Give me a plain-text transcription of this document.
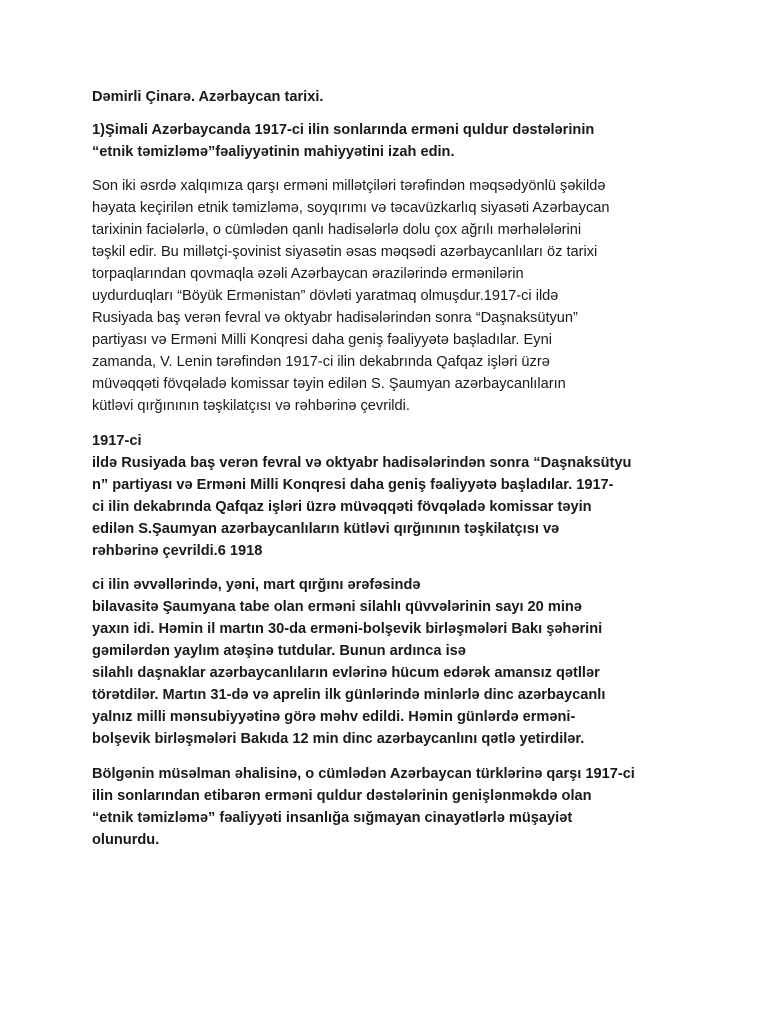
Dəmirli Çinarə. Azərbaycan tarixi.
1)Şimali Azərbaycanda 1917-ci ilin sonlarında erməni quldur dəstələrinin
“etnik təmizləmə”fəaliyyətinin mahiyyətini izah edin.
Son iki əsrdə xalqımıza qarşı erməni millətçiləri tərəfindən məqsədyönlü şəkildə
həyata keçirilən etnik təmizləmə, soyqırımı və təcavüzkarlıq siyasəti Azərbaycan
tarixinin faciələrlə, o cümlədən qanlı hadisələrlə dolu çox ağrılı mərhələlərini
təşkil edir. Bu millətçi-şovinist siyasətin əsas məqsədi azərbaycanlıları öz tarixi
torpaqlarından qovmaqla əzəli Azərbaycan ərazilərində ermənilərin
uydurduqları “Böyük Ermənistan” dövləti yaratmaq olmuşdur.1917-ci ildə
Rusiyada baş verən fevral və oktyabr hadisələrindən sonra “Daşnaksütyun”
partiyası və Erməni Milli Konqresi daha geniş fəaliyyətə başladılar. Eyni
zamanda, V. Lenin tərəfindən 1917-ci ilin dekabrında Qafqaz işləri üzrə
müvəqqəti fövqəladə komissar təyin edilən S. Şaumyan azərbaycanlıların
kütləvi qırğınının təşkilatçısı və rəhbərinə çevrildi.
1917-ci
ildə Rusiyada baş verən fevral və oktyabr hadisələrindən sonra “Daşnaksütyu
n” partiyası və Erməni Milli Konqresi daha geniş fəaliyyətə başladılar. 1917-
ci ilin dekabrında Qafqaz işləri üzrə müvəqqəti fövqəladə komissar təyin
edilən S.Şaumyan azərbaycanlıların kütləvi qırğınının təşkilatçısı və
rəhbərinə çevrildi.6 1918
ci ilin əvvəllərində, yəni, mart qırğını ərəfəsində
bilavasitə Şaumyana tabe olan erməni silahlı qüvvələrinin sayı 20 minə
yaxın idi. Həmin il martın 30-da erməni-bolşevik birləşmələri Bakı şəhərini
gəmilərdən yaylım atəşinə tutdular. Bunun ardınca isə
silahlı daşnaklar azərbaycanlıların evlərinə hücum edərək amansız qətllər
törətdilər. Martın 31-də və aprelin ilk günlərində minlərlə dinc azərbaycanlı
yalnız milli mənsubiyyətinə görə məhv edildi. Həmin günlərdə erməni-
bolşevik birləşmələri Bakıda 12 min dinc azərbaycanlını qətlə yetirdilər.
Bölgənin müsəlman əhalisinə, o cümlədən Azərbaycan türklərinə qarşı 1917-ci
ilin sonlarından etibarən erməni quldur dəstələrinin genişlənməkdə olan
“etnik təmizləmə” fəaliyyəti insanlığa sığmayan cinayətlərlə müşayiət
olunurdu.
